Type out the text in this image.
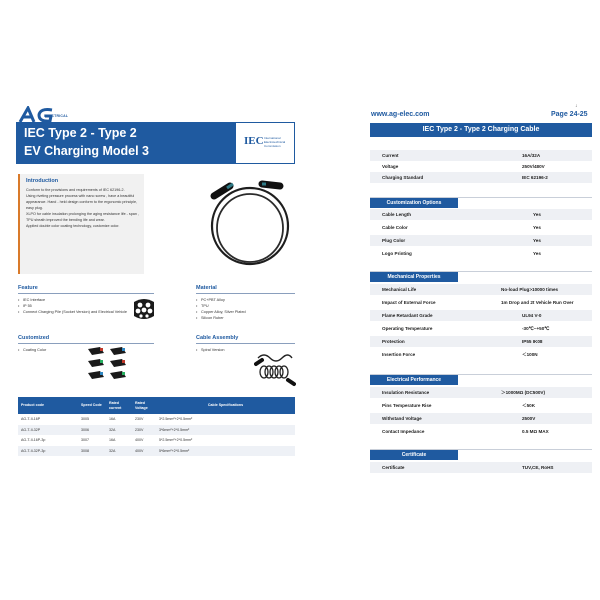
ELECTRICAL
IEC Type 2 - Type 2
EV Charging Model 3
IEC International Electrotechnical Commission
Introduction

Conform to the provisions and requirements of IEC 62196-2.

Using riveting pressure process with nano screw , have a beautiful appearance. Hand - held design conform to the ergonomic principle, easy plug.

XLPO for cable insulation prolonging the aging resistance life - span , TPU sheath improved the bending life and wear.

Applied double color coating technology, customize color.

Feature
• IEC Interface
• IP 55
• Connect Charging Pile (Socket Version) and Electrical Vehicle
Material
• PC+PBT Alloy
• TPU
• Copper Alloy, Silver Plated
• Silicon Ruber
Customized
• Coating Color
Cable Assembly
• Spiral Version
Product code	Speed Code	Rated current	Rated Voltage	Cable Specifications
AG-T-II-16P	3005	16A	230V	3*2.5mm²+2*0.5mm²
AG-T-II-32P	3006	32A	230V	3*6mm²+2*0.5mm²
AG-T-II-16P-3p	3007	16A	400V	5*2.5mm²+2*0.5mm²
AG-T-II-32P-3p	3008	32A	400V	5*6mm²+2*0.5mm²
↓
www.ag-elec.com	Page 24-25
IEC Type 2 - Type 2 Charging Cable
Current	16A/32A
Voltage	250V/480V
Charging Standard	IEC 62196-2
Customization Options
Cable Length	Yes
Cable Color	Yes
Plug Color	Yes
Logo Printing	Yes
Mechanical Properties
Mechanical Life	No-load Plug>10000 times
Impact of External Force	1m Drop and 2t Vehicle Run Over
Flame Retardant Grade	UL94 V-0
Operating Temperature	-30℃~+50℃
Protection	IP55 IK08
Insertion Force	＜100N
Electrical Performance
Insulation Resistance	＞1000MΩ (DC500V)
Pins Temperature Rise	＜50K
Withstand Voltage	2500V
Contact Impedance	0.5 MΩ MAX
Certificate
Certificate	TUV,CE, RoHS
